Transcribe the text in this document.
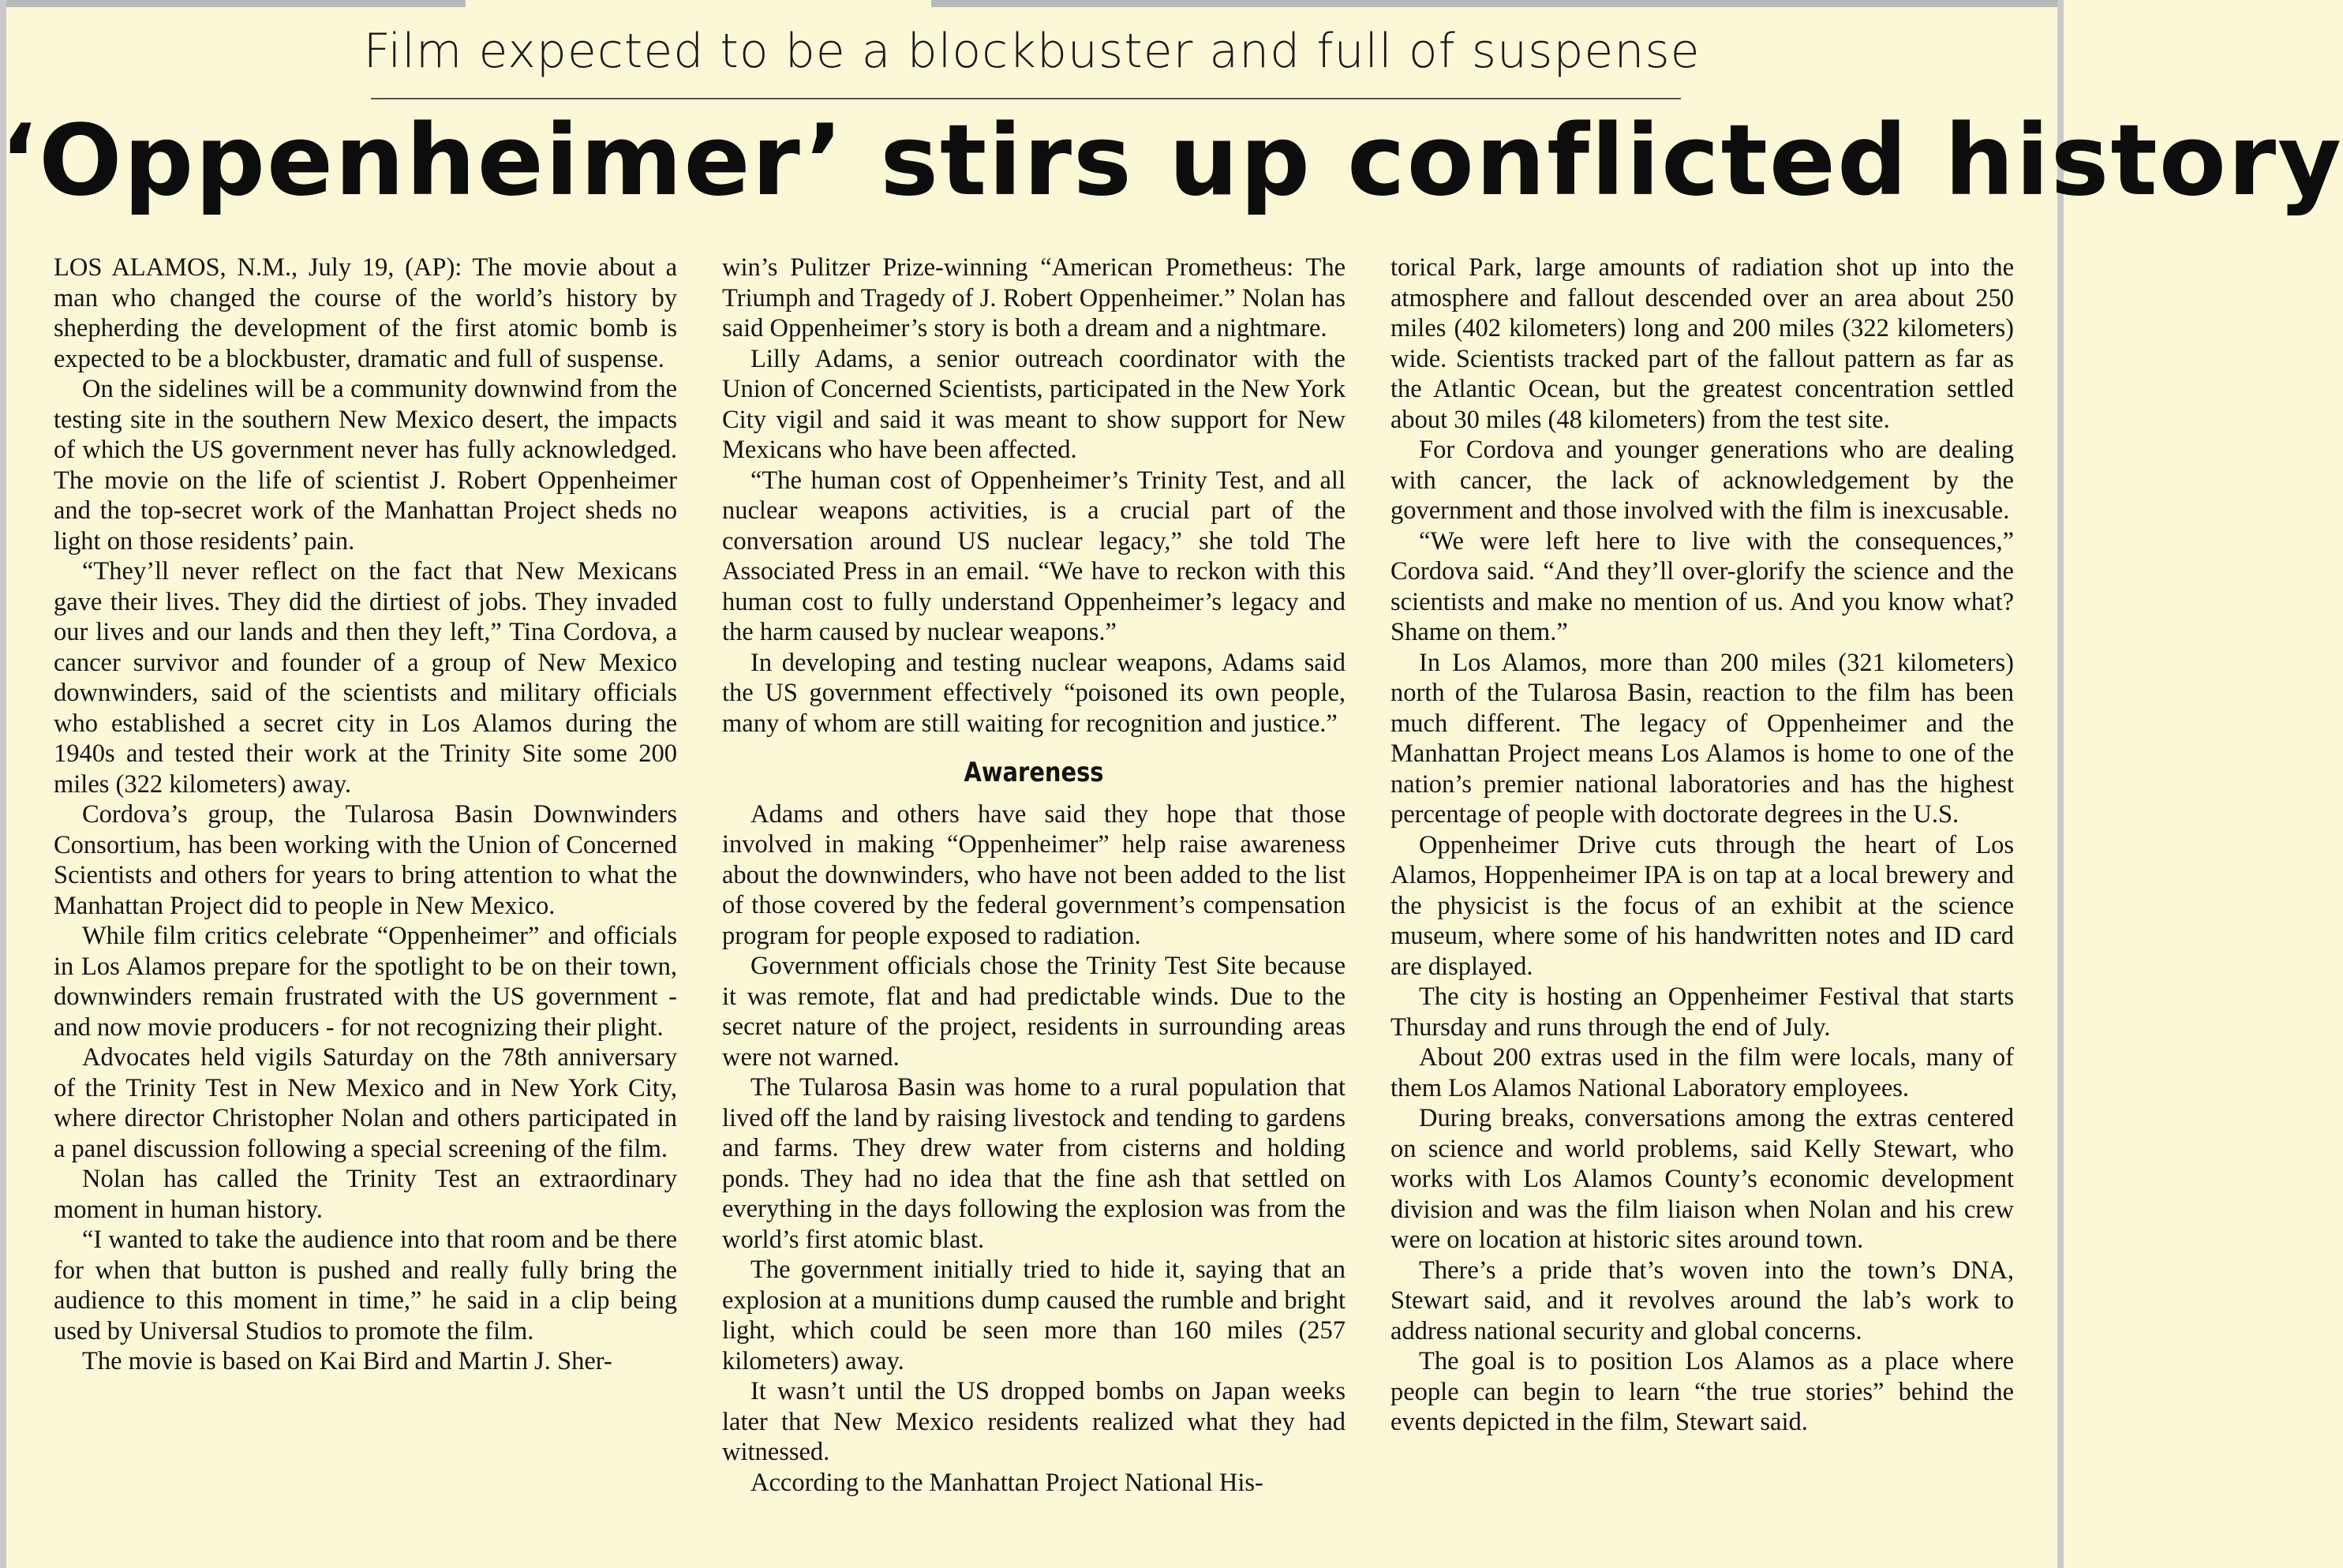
Film expected to be a blockbuster and full of suspense
‘Oppenheimer’ stirs up conflicted history

LOS ALAMOS, N.M., July 19, (AP): The movie about a man who changed the course of the world’s history by shepherding the development of the first atomic bomb is expected to be a blockbuster, dramatic and full of suspense.

On the sidelines will be a community downwind from the testing site in the southern New Mexico desert, the impacts of which the US government never has fully acknowledged. The movie on the life of scientist J. Robert Oppenheimer and the top-secret work of the Manhattan Project sheds no light on those residents’ pain.

“They’ll never reflect on the fact that New Mexicans gave their lives. They did the dirtiest of jobs. They invaded our lives and our lands and then they left,” Tina Cordova, a cancer survivor and founder of a group of New Mexico downwinders, said of the scientists and military officials who established a secret city in Los Alamos during the 1940s and tested their work at the Trinity Site some 200 miles (322 kilometers) away.

Cordova’s group, the Tularosa Basin Downwinders Consortium, has been working with the Union of Concerned Scientists and others for years to bring attention to what the Manhattan Project did to people in New Mexico.

While film critics celebrate “Oppenheimer” and officials in Los Alamos prepare for the spotlight to be on their town, downwinders remain frustrated with the US government - and now movie producers - for not recognizing their plight.

Advocates held vigils Saturday on the 78th anniversary of the Trinity Test in New Mexico and in New York City, where director Christopher Nolan and others participated in a panel discussion following a special screening of the film.

Nolan has called the Trinity Test an extraordinary moment in human history.

“I wanted to take the audience into that room and be there for when that button is pushed and really fully bring the audience to this moment in time,” he said in a clip being used by Universal Studios to promote the film.

The movie is based on Kai Bird and Martin J. Sher-

win’s Pulitzer Prize-winning “American Prometheus: The Triumph and Tragedy of J. Robert Oppenheimer.” Nolan has said Oppenheimer’s story is both a dream and a nightmare.

Lilly Adams, a senior outreach coordinator with the Union of Concerned Scientists, participated in the New York City vigil and said it was meant to show support for New Mexicans who have been affected.

“The human cost of Oppenheimer’s Trinity Test, and all nuclear weapons activities, is a crucial part of the conversation around US nuclear legacy,” she told The Associated Press in an email. “We have to reckon with this human cost to fully understand Oppenheimer’s legacy and the harm caused by nuclear weapons.”

In developing and testing nuclear weapons, Adams said the US government effectively “poisoned its own people, many of whom are still waiting for recognition and justice.”

Awareness

Adams and others have said they hope that those involved in making “Oppenheimer” help raise awareness about the downwinders, who have not been added to the list of those covered by the federal government’s compensation program for people exposed to radiation.

Government officials chose the Trinity Test Site because it was remote, flat and had predictable winds. Due to the secret nature of the project, residents in surrounding areas were not warned.

The Tularosa Basin was home to a rural population that lived off the land by raising livestock and tending to gardens and farms. They drew water from cisterns and holding ponds. They had no idea that the fine ash that settled on everything in the days following the explosion was from the world’s first atomic blast.

The government initially tried to hide it, saying that an explosion at a munitions dump caused the rumble and bright light, which could be seen more than 160 miles (257 kilometers) away.

It wasn’t until the US dropped bombs on Japan weeks later that New Mexico residents realized what they had witnessed.

According to the Manhattan Project National His-

torical Park, large amounts of radiation shot up into the atmosphere and fallout descended over an area about 250 miles (402 kilometers) long and 200 miles (322 kilometers) wide. Scientists tracked part of the fallout pattern as far as the Atlantic Ocean, but the greatest concentration settled about 30 miles (48 kilometers) from the test site.

For Cordova and younger generations who are dealing with cancer, the lack of acknowledgement by the government and those involved with the film is inexcusable.

“We were left here to live with the consequences,” Cordova said. “And they’ll over-glorify the science and the scientists and make no mention of us. And you know what? Shame on them.”

In Los Alamos, more than 200 miles (321 kilometers) north of the Tularosa Basin, reaction to the film has been much different. The legacy of Oppenheimer and the Manhattan Project means Los Alamos is home to one of the nation’s premier national laboratories and has the highest percentage of people with doctorate degrees in the U.S.

Oppenheimer Drive cuts through the heart of Los Alamos, Hoppenheimer IPA is on tap at a local brewery and the physicist is the focus of an exhibit at the science museum, where some of his handwritten notes and ID card are displayed.

The city is hosting an Oppenheimer Festival that starts Thursday and runs through the end of July.

About 200 extras used in the film were locals, many of them Los Alamos National Laboratory employees.

During breaks, conversations among the extras centered on science and world problems, said Kelly Stewart, who works with Los Alamos County’s economic development division and was the film liaison when Nolan and his crew were on location at historic sites around town.

There’s a pride that’s woven into the town’s DNA, Stewart said, and it revolves around the lab’s work to address national security and global concerns.

The goal is to position Los Alamos as a place where people can begin to learn “the true stories” behind the events depicted in the film, Stewart said.
